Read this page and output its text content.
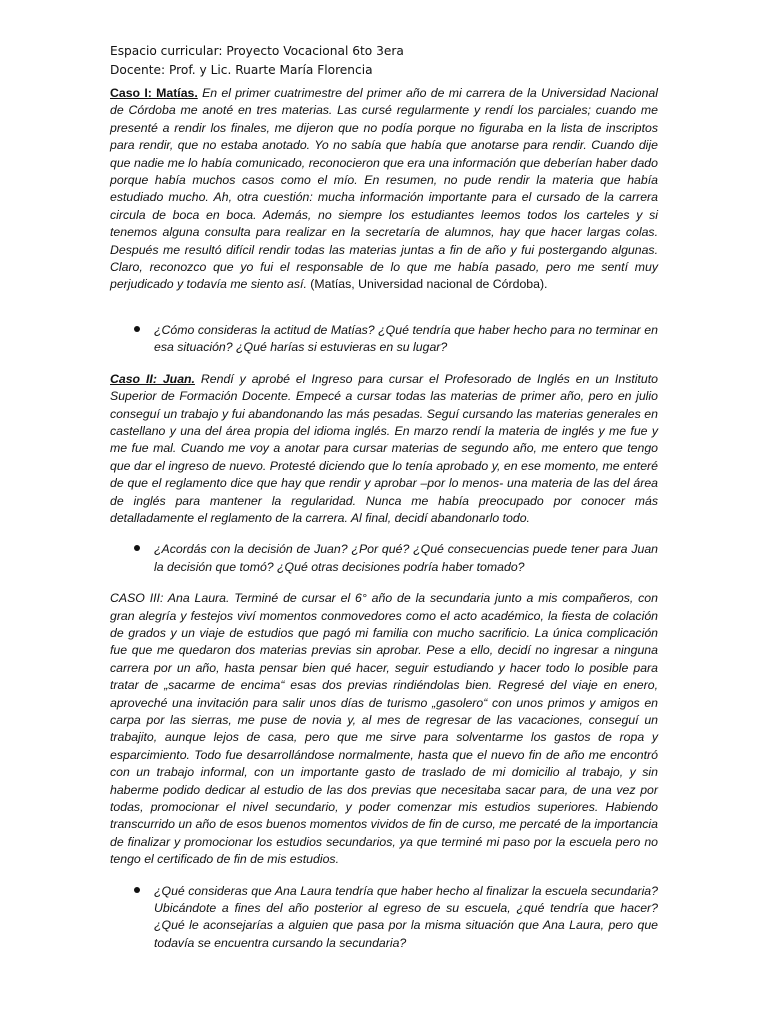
Espacio curricular: Proyecto Vocacional 6to 3era
Docente: Prof. y Lic. Ruarte María Florencia

Caso I: Matías. En el primer cuatrimestre del primer año de mi carrera de la Universidad Nacional de Córdoba me anoté en tres materias. Las cursé regularmente y rendí los parciales; cuando me presenté a rendir los finales, me dijeron que no podía porque no figuraba en la lista de inscriptos para rendir, que no estaba anotado. Yo no sabía que había que anotarse para rendir. Cuando dije que nadie me lo había comunicado, reconocieron que era una información que deberían haber dado porque había muchos casos como el mío. En resumen, no pude rendir la materia que había estudiado mucho. Ah, otra cuestión: mucha información importante para el cursado de la carrera circula de boca en boca. Además, no siempre los estudiantes leemos todos los carteles y si tenemos alguna consulta para realizar en la secretaría de alumnos, hay que hacer largas colas. Después me resultó difícil rendir todas las materias juntas a fin de año y fui postergando algunas. Claro, reconozco que yo fui el responsable de lo que me había pasado, pero me sentí muy perjudicado y todavía me siento así. (Matías, Universidad nacional de Córdoba).

¿Cómo consideras la actitud de Matías? ¿Qué tendría que haber hecho para no terminar en esa situación? ¿Qué harías si estuvieras en su lugar?

Caso II: Juan. Rendí y aprobé el Ingreso para cursar el Profesorado de Inglés en un Instituto Superior de Formación Docente. Empecé a cursar todas las materias de primer año, pero en julio conseguí un trabajo y fui abandonando las más pesadas. Seguí cursando las materias generales en castellano y una del área propia del idioma inglés. En marzo rendí la materia de inglés y me fue y me fue mal. Cuando me voy a anotar para cursar materias de segundo año, me entero que tengo que dar el ingreso de nuevo. Protesté diciendo que lo tenía aprobado y, en ese momento, me enteré de que el reglamento dice que hay que rendir y aprobar –por lo menos- una materia de las del área de inglés para mantener la regularidad. Nunca me había preocupado por conocer más detalladamente el reglamento de la carrera. Al final, decidí abandonarlo todo.

¿Acordás con la decisión de Juan? ¿Por qué? ¿Qué consecuencias puede tener para Juan la decisión que tomó? ¿Qué otras decisiones podría haber tomado?

CASO III: Ana Laura. Terminé de cursar el 6° año de la secundaria junto a mis compañeros, con gran alegría y festejos viví momentos conmovedores como el acto académico, la fiesta de colación de grados y un viaje de estudios que pagó mi familia con mucho sacrificio. La única complicación fue que me quedaron dos materias previas sin aprobar. Pese a ello, decidí no ingresar a ninguna carrera por un año, hasta pensar bien qué hacer, seguir estudiando y hacer todo lo posible para tratar de „sacarme de encima“ esas dos previas rindiéndolas bien. Regresé del viaje en enero, aproveché una invitación para salir unos días de turismo „gasolero“ con unos primos y amigos en carpa por las sierras, me puse de novia y, al mes de regresar de las vacaciones, conseguí un trabajito, aunque lejos de casa, pero que me sirve para solventarme los gastos de ropa y esparcimiento. Todo fue desarrollándose normalmente, hasta que el nuevo fin de año me encontró con un trabajo informal, con un importante gasto de traslado de mi domicilio al trabajo, y sin haberme podido dedicar al estudio de las dos previas que necesitaba sacar para, de una vez por todas, promocionar el nivel secundario, y poder comenzar mis estudios superiores. Habiendo transcurrido un año de esos buenos momentos vividos de fin de curso, me percaté de la importancia de finalizar y promocionar los estudios secundarios, ya que terminé mi paso por la escuela pero no tengo el certificado de fin de mis estudios.

¿Qué consideras que Ana Laura tendría que haber hecho al finalizar la escuela secundaria? Ubicándote a fines del año posterior al egreso de su escuela, ¿qué tendría que hacer? ¿Qué le aconsejarías a alguien que pasa por la misma situación que Ana Laura, pero que todavía se encuentra cursando la secundaria?
